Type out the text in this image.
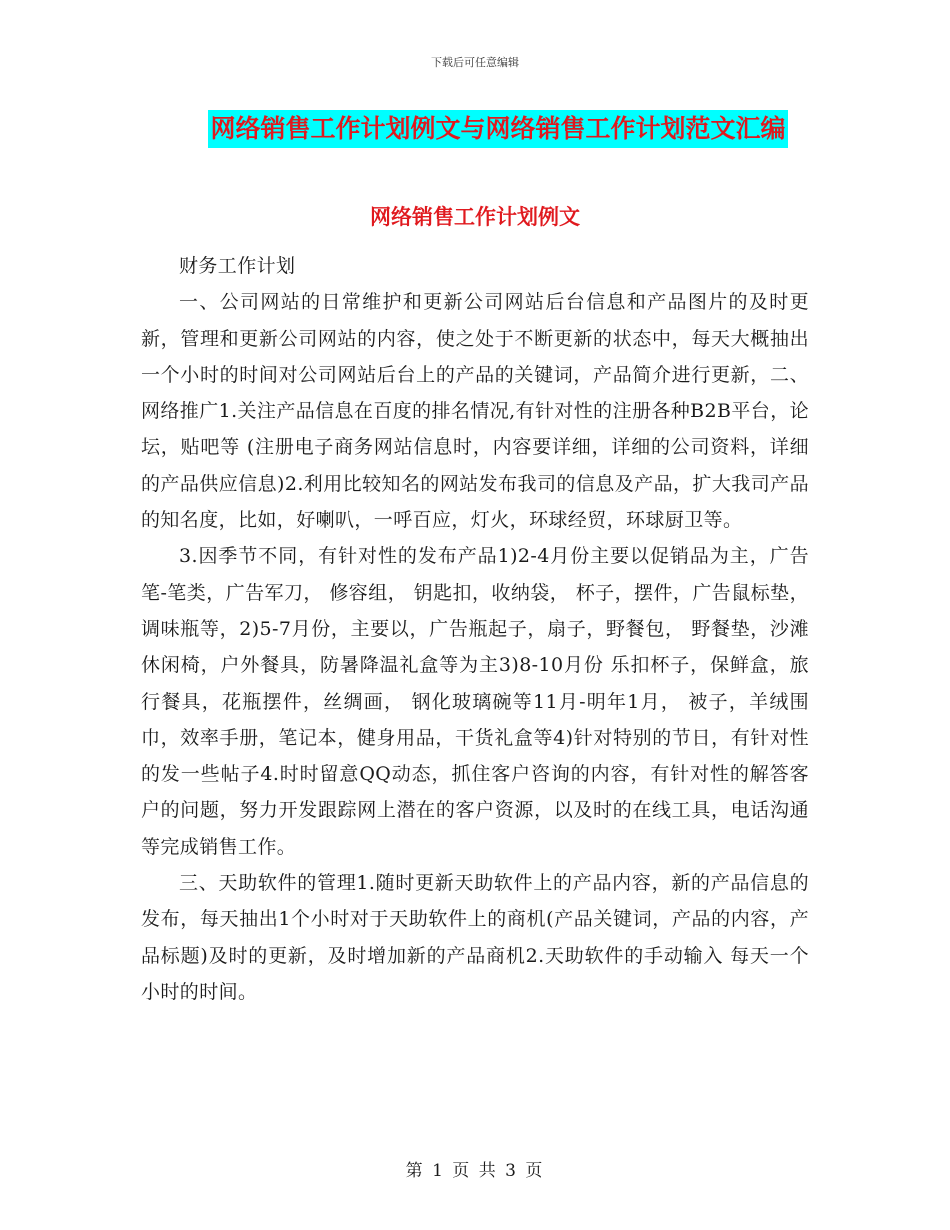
下载后可任意编辑
网络销售工作计划例文与网络销售工作计划范文汇编
网络销售工作计划例文

财务工作计划

一、公司网站的日常维护和更新公司网站后台信息和产品图片的及时更新，管理和更新公司网站的内容，使之处于不断更新的状态中，每天大概抽出一个小时的时间对公司网站后台上的产品的关键词，产品简介进行更新，二、网络推广1.关注产品信息在百度的排名情况,有针对性的注册各种B2B平台，论坛，贴吧等 (注册电子商务网站信息时，内容要详细，详细的公司资料，详细的产品供应信息)2.利用比较知名的网站发布我司的信息及产品，扩大我司产品的知名度，比如，好喇叭，一呼百应，灯火，环球经贸，环球厨卫等。

3.因季节不同，有针对性的发布产品1)2-4月份主要以促销品为主，广告笔-笔类，广告军刀， 修容组， 钥匙扣，收纳袋， 杯子，摆件，广告鼠标垫，调味瓶等，2)5-7月份，主要以，广告瓶起子，扇子，野餐包， 野餐垫，沙滩休闲椅，户外餐具，防暑降温礼盒等为主3)8-10月份 乐扣杯子，保鲜盒，旅行餐具，花瓶摆件，丝绸画， 钢化玻璃碗等11月-明年1月， 被子，羊绒围巾，效率手册，笔记本，健身用品，干货礼盒等4)针对特别的节日，有针对性的发一些帖子4.时时留意QQ动态，抓住客户咨询的内容，有针对性的解答客户的问题，努力开发跟踪网上潜在的客户资源，以及时的在线工具，电话沟通等完成销售工作。

三、天助软件的管理1.随时更新天助软件上的产品内容，新的产品信息的发布，每天抽出1个小时对于天助软件上的商机(产品关键词，产品的内容，产品标题)及时的更新，及时增加新的产品商机2.天助软件的手动输入 每天一个小时的时间。

第 1 页 共 3 页
